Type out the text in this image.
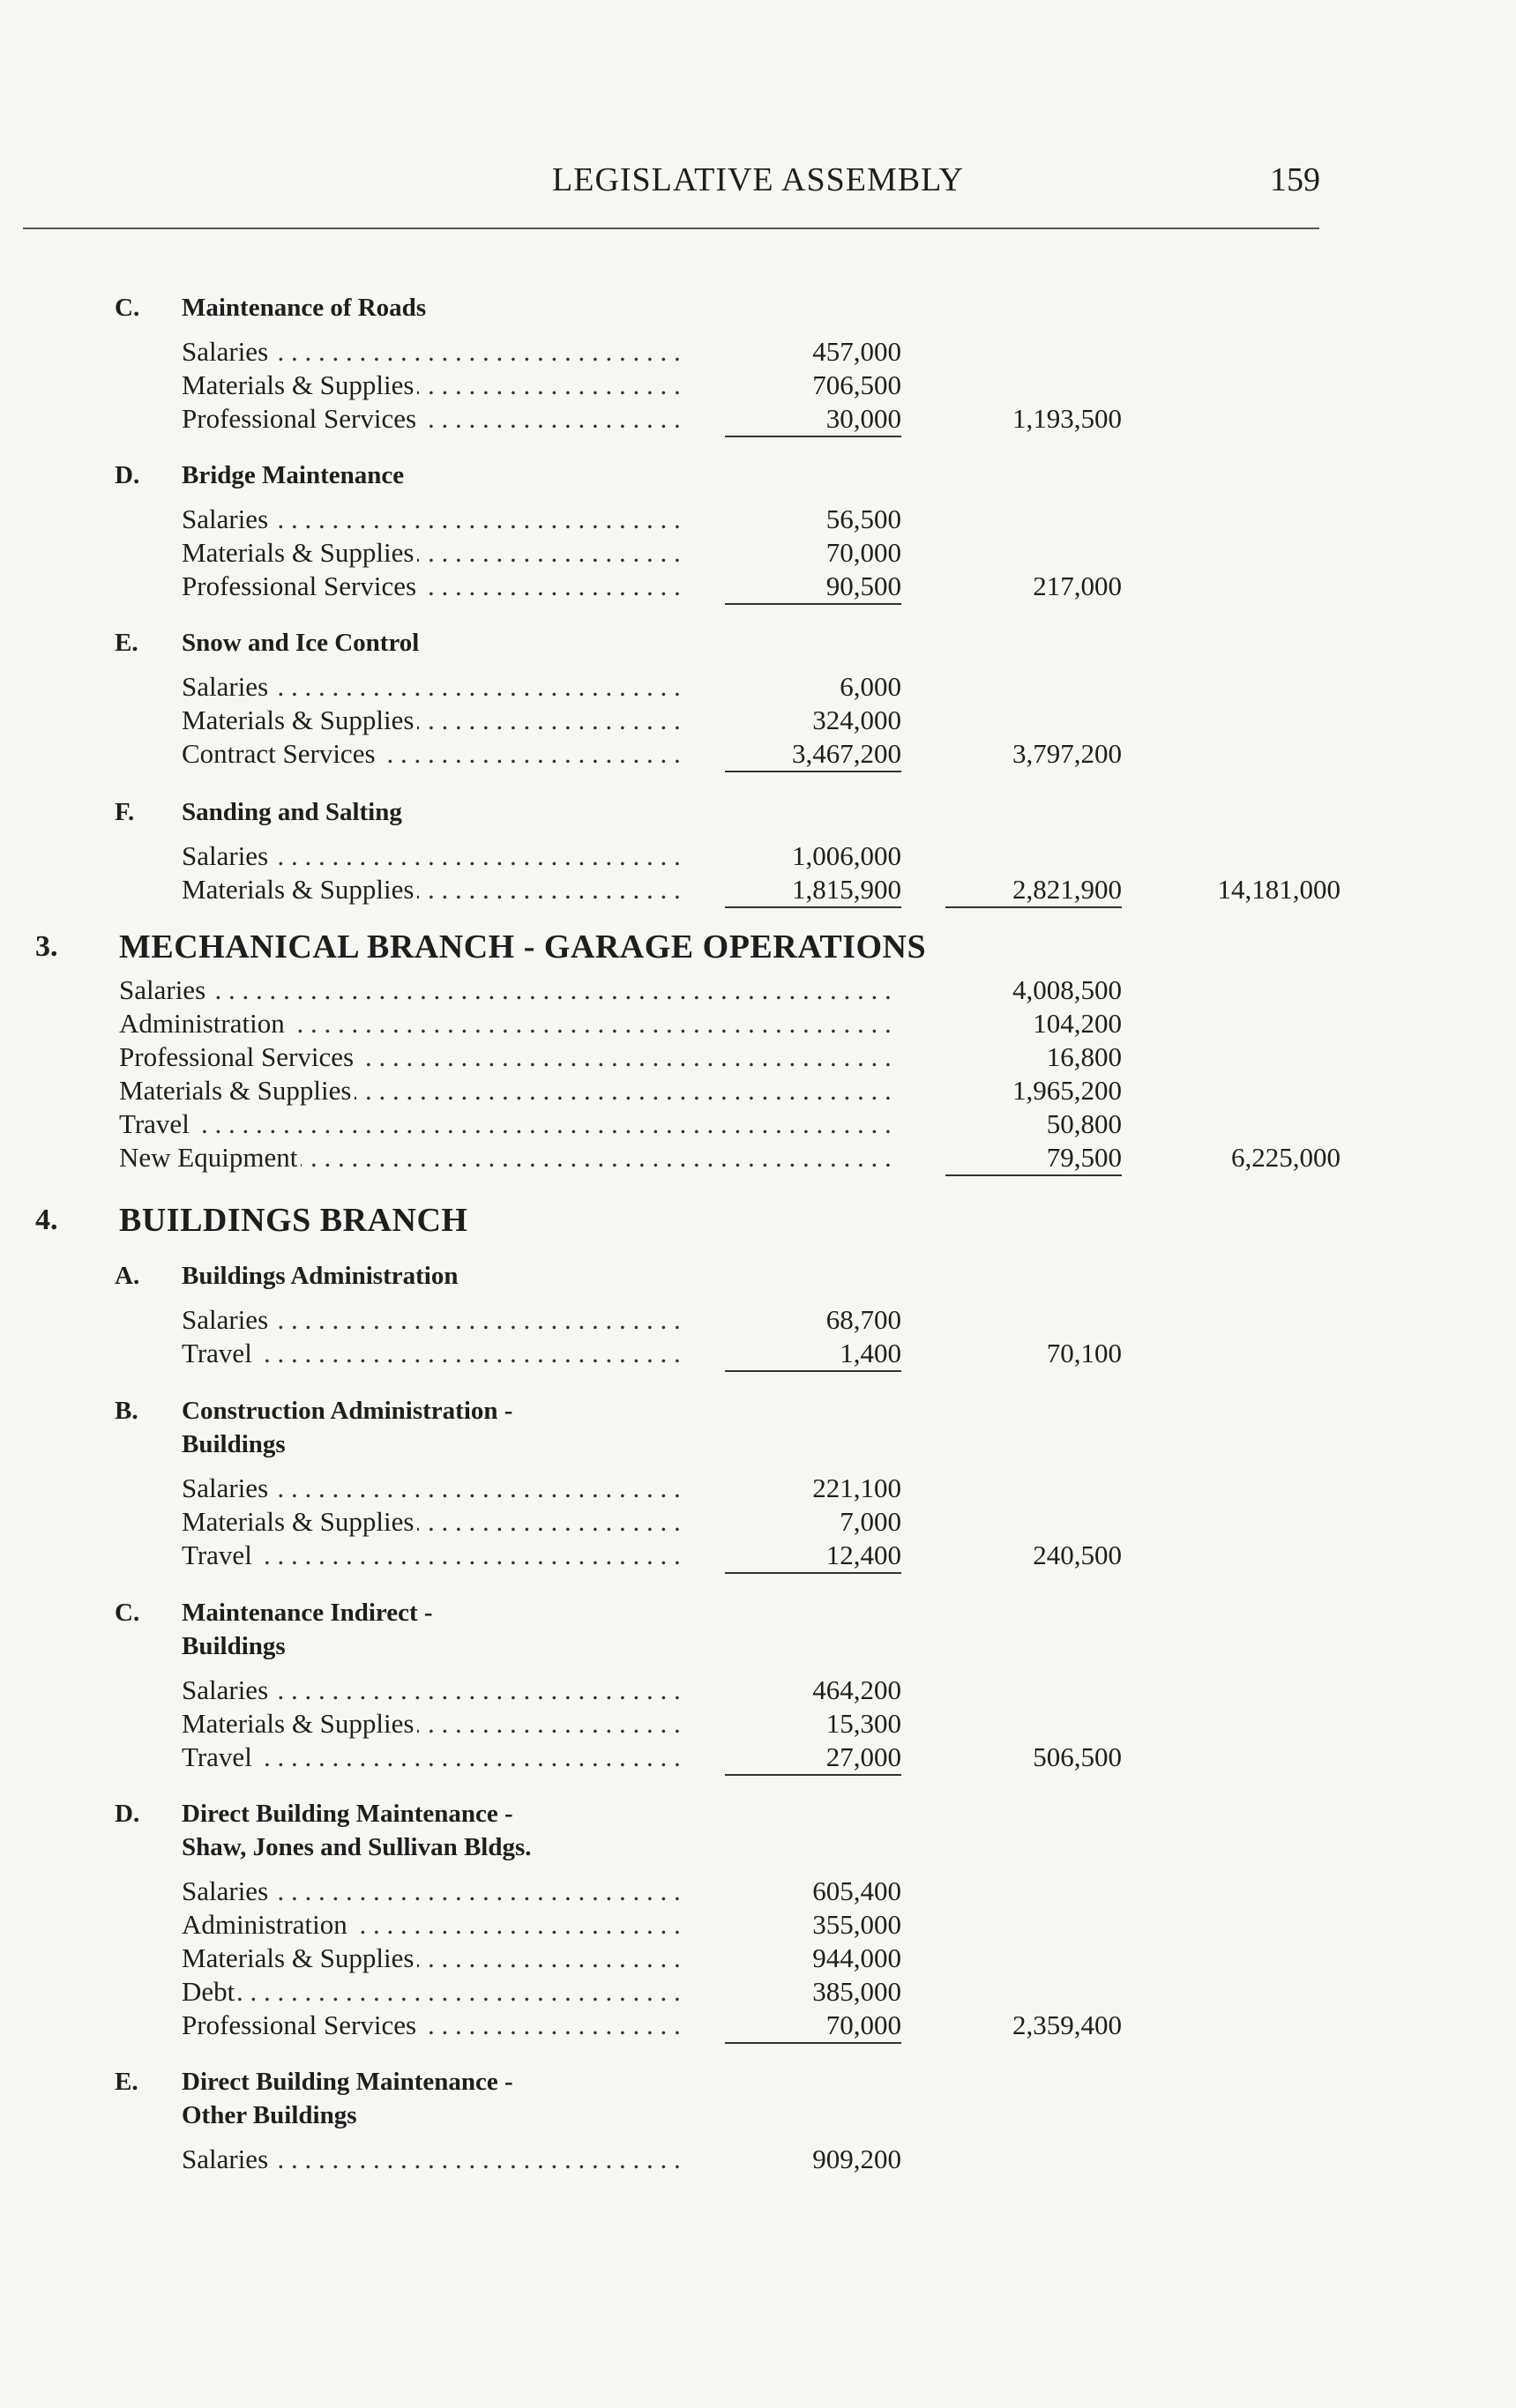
LEGISLATIVE ASSEMBLY	159
C. Maintenance of Roads
. . .
Salaries	457,000
. . .
Materials & Supplies	706,500
. . .
Professional Services	30,000	1,193,500
D. Bridge Maintenance
. . .
Salaries	56,500
. . .
Materials & Supplies	70,000
. . .
Professional Services	90,500	217,000
E. Snow and Ice Control
. . .
Salaries	6,000
. . .
Materials & Supplies	324,000
. . .
Contract Services	3,467,200	3,797,200
F. Sanding and Salting
. . .
Salaries	1,006,000
. . .
Materials & Supplies	1,815,900	2,821,900	14,181,000
3. MECHANICAL BRANCH - GARAGE OPERATIONS
. . .
Salaries	4,008,500
. . .
Administration	104,200
. . .
Professional Services	16,800
. . .
Materials & Supplies	1,965,200
. . .
Travel	50,800
. . .
New Equipment	79,500	6,225,000
4. BUILDINGS BRANCH
A. Buildings Administration
. . .
Salaries	68,700
. . .
Travel	1,400	70,100
B. Construction Administration -
Buildings
. . .
Salaries	221,100
. . .
Materials & Supplies	7,000
. . .
Travel	12,400	240,500
C. Maintenance Indirect -
Buildings
. . .
Salaries	464,200
. . .
Materials & Supplies	15,300
. . .
Travel	27,000	506,500
D. Direct Building Maintenance -
Shaw, Jones and Sullivan Bldgs.
. . .
Salaries	605,400
. . .
Administration	355,000
. . .
Materials & Supplies	944,000
. . .
Debt	385,000
. . .
Professional Services	70,000	2,359,400
E. Direct Building Maintenance -
Other Buildings
. . .
Salaries	909,200
